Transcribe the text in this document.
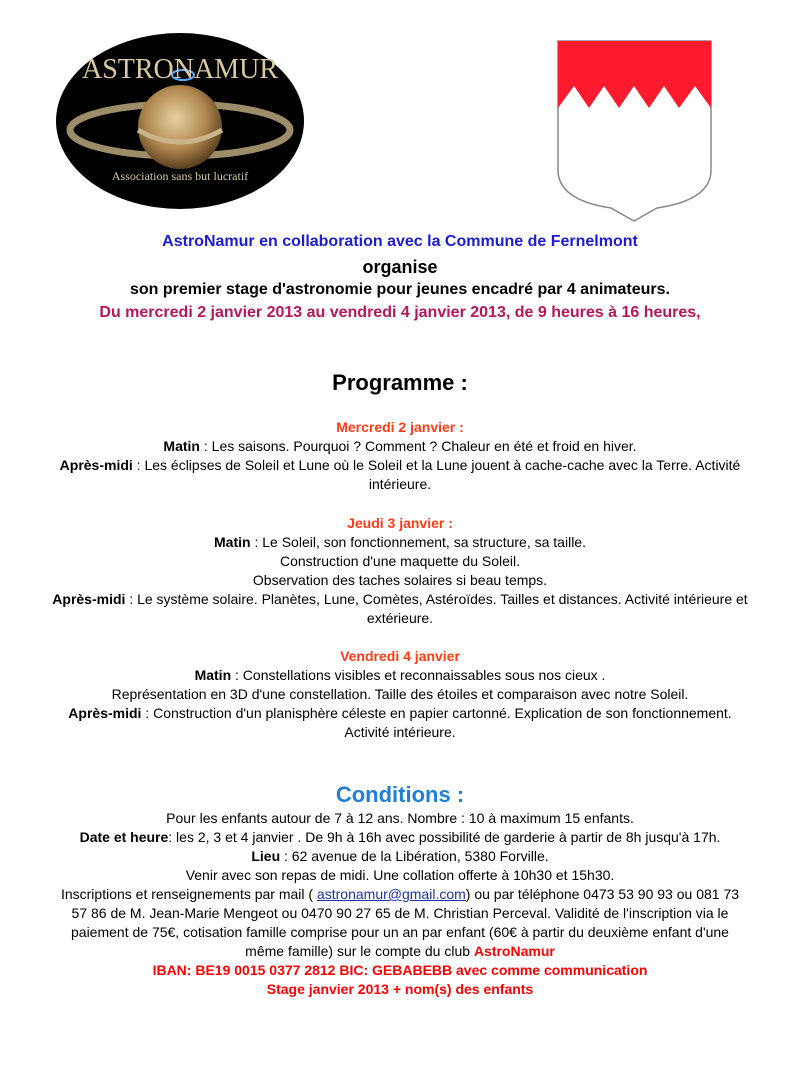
ASTRONAMUR
Association sans but lucratif
AstroNamur en collaboration avec la Commune de Fernelmont
organise
son premier stage d'astronomie pour jeunes encadré par 4 animateurs.
Du mercredi 2 janvier 2013 au vendredi 4 janvier 2013, de 9 heures à 16 heures,
Programme :
Mercredi 2 janvier :
Matin : Les saisons. Pourquoi ? Comment ? Chaleur en été et froid en hiver.
Après-midi : Les éclipses de Soleil et Lune où le Soleil et la Lune jouent à cache-cache avec la Terre. Activité intérieure.
Jeudi 3 janvier :
Matin : Le Soleil, son fonctionnement, sa structure, sa taille.
Construction d'une maquette du Soleil.
Observation des taches solaires si beau temps.
Après-midi : Le système solaire. Planètes, Lune, Comètes, Astéroïdes. Tailles et distances. Activité intérieure et extérieure.
Vendredi 4 janvier
Matin : Constellations visibles et reconnaissables sous nos cieux .
Représentation en 3D d'une constellation. Taille des étoiles et comparaison avec notre Soleil.
Après-midi : Construction d'un planisphère céleste en papier cartonné. Explication de son fonctionnement. Activité intérieure.
Conditions :
Pour les enfants autour de 7 à 12 ans. Nombre : 10 à maximum 15 enfants.
Date et heure: les 2, 3 et 4 janvier . De 9h à 16h avec possibilité de garderie à partir de 8h jusqu'à 17h.
Lieu : 62 avenue de la Libération, 5380 Forville.
Venir avec son repas de midi. Une collation offerte à 10h30 et 15h30.
Inscriptions et renseignements par mail ( astronamur@gmail.com) ou par téléphone 0473 53 90 93 ou 081 73 57 86 de M. Jean-Marie Mengeot ou 0470 90 27 65 de M. Christian Perceval. Validité de l'inscription via le paiement de 75€, cotisation famille comprise pour un an par enfant (60€ à partir du deuxième enfant d'une même famille) sur le compte du club AstroNamur
IBAN: BE19 0015 0377 2812 BIC: GEBABEBB avec comme communication
Stage janvier 2013 + nom(s) des enfants
